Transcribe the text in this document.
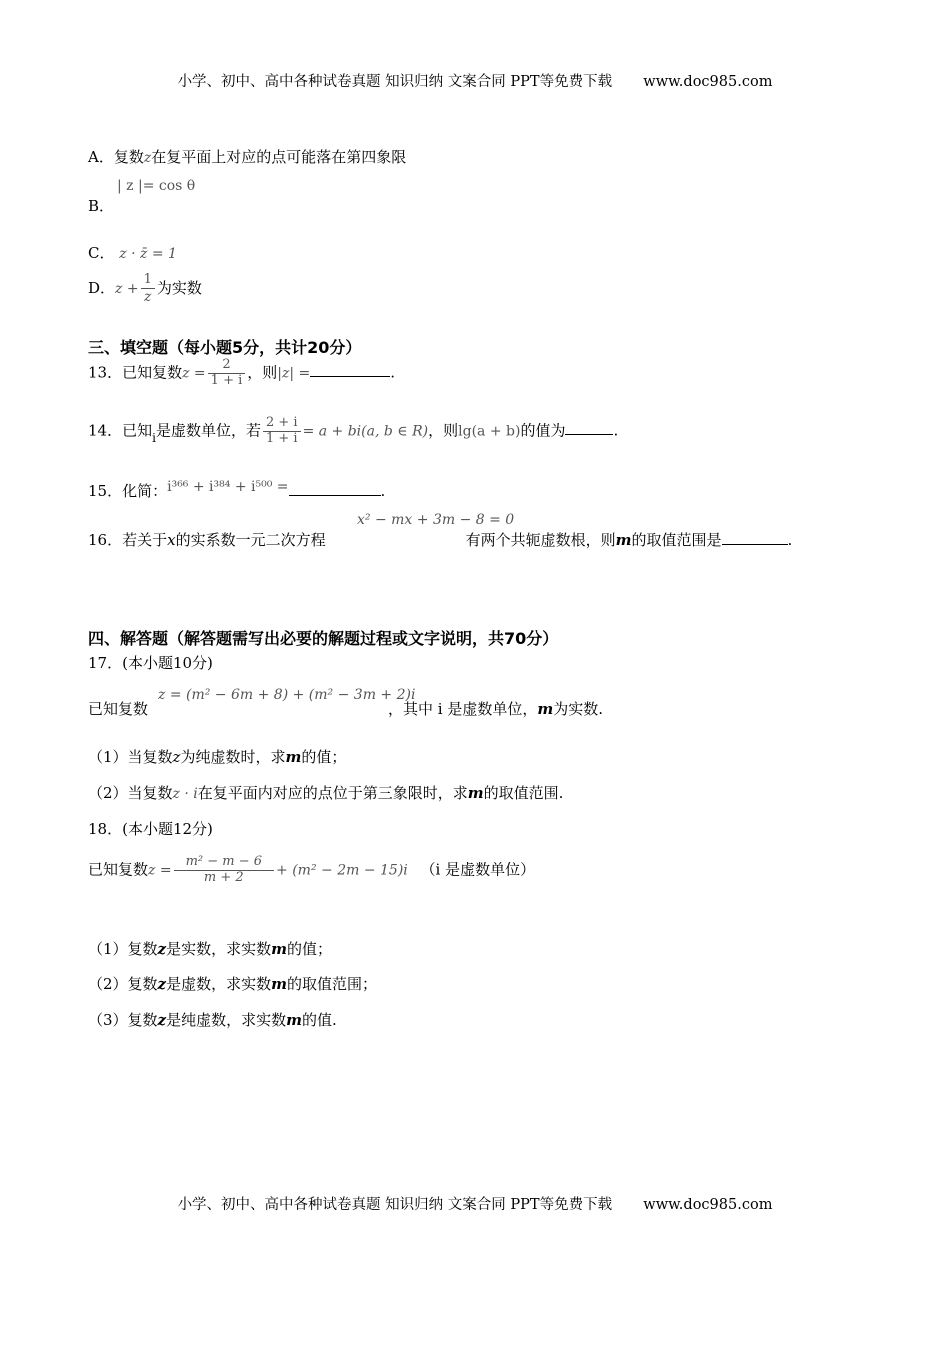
小学、初中、高中各种试卷真题 知识归纳 文案合同 PPT等免费下载 www.doc985.com
A．复数z在复平面上对应的点可能落在第四象限
| z |= cos θ
B．
C． z · z̄ = 1
D．$z + \frac{1}{z}$ 为实数
三、填空题（每小题5分，共计20分）
13．已知复数$z = \frac{2}{1 + i}$ ，则|z| =	.
14．已知$_i$是虚数单位，若 $\frac{2 + i}{1 + i} = a + bi(a$, b ∈ R)，则lg(a + b)的值为	.
15．化简：i³⁶⁶ + i³⁸⁴ + i⁵⁰⁰ =	.
x² − mx + 3m − 8 = 0
16．若关于x的实系数一元二次方程	有两个共轭虚数根，则m的取值范围是	.
四、解答题（解答题需写出必要的解题过程或文字说明，共70分）
17．(本小题10分)
z = (m² − 6m + 8) + (m² − 3m + 2)i
已知复数	，其中 i 是虚数单位，m为实数.
（1）当复数z为纯虚数时，求m的值；
（2）当复数z · i在复平面内对应的点位于第三象限时，求m的取值范围.
18．(本小题12分)
已知复数$z = \frac{\text{m² − m − 6}}{m + 2} + (m^2 - 2m - 15)i$ （i 是虚数单位）
（1）复数z是实数，求实数m的值；
（2）复数z是虚数，求实数m的取值范围；
（3）复数z是纯虚数，求实数m的值.
小学、初中、高中各种试卷真题 知识归纳 文案合同 PPT等免费下载 www.doc985.com
